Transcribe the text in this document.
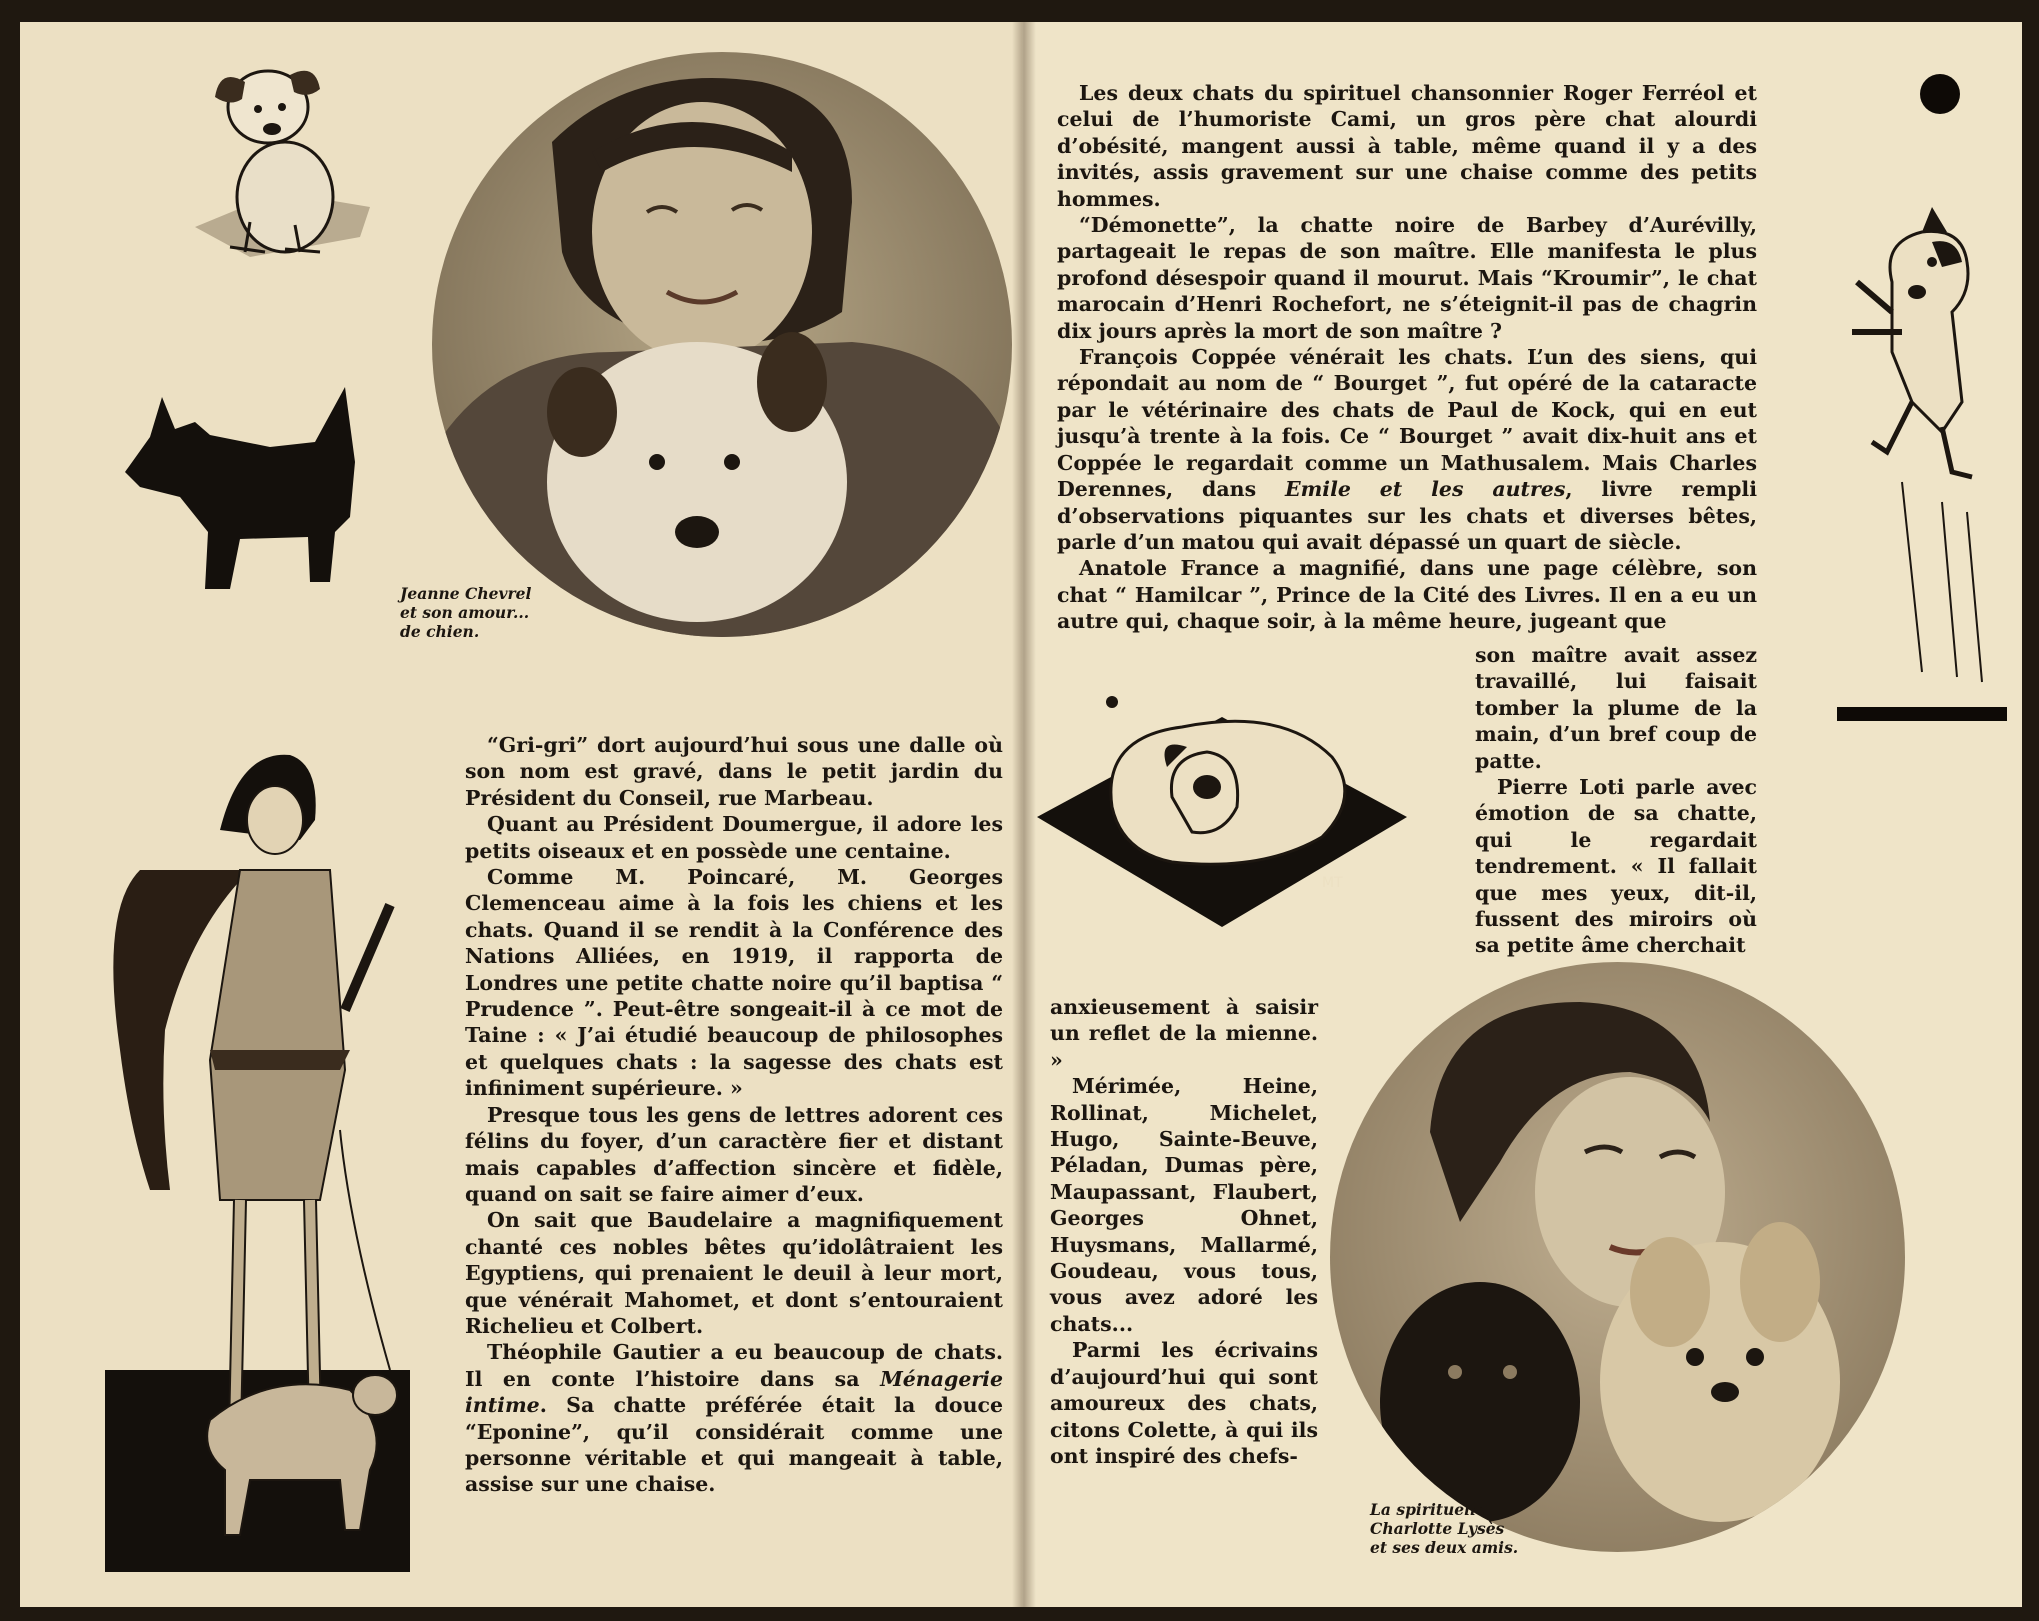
Jeanne Chevrel
et son amour...
de chien.

“Gri-gri” dort aujourd’hui sous une dalle où son nom est gravé, dans le petit jardin du Président du Conseil, rue Marbeau.

Quant au Président Doumergue, il adore les petits oiseaux et en possède une centaine.

Comme M. Poincaré, M. Georges Clemenceau aime à la fois les chiens et les chats. Quand il se rendit à la Conférence des Nations Alliées, en 1919, il rapporta de Londres une petite chatte noire qu’il baptisa “ Prudence ”. Peut-être songeait-il à ce mot de Taine : « J’ai étudié beaucoup de philosophes et quelques chats : la sagesse des chats est infiniment supérieure. »

Presque tous les gens de lettres adorent ces félins du foyer, d’un caractère fier et distant mais capables d’affection sincère et fidèle, quand on sait se faire aimer d’eux.

On sait que Baudelaire a magnifiquement chanté ces nobles bêtes qu’idolâtraient les Egyptiens, qui prenaient le deuil à leur mort, que vénérait Mahomet, et dont s’entouraient Richelieu et Colbert.

Théophile Gautier a eu beaucoup de chats. Il en conte l’histoire dans sa Ménagerie intime. Sa chatte préférée était la douce “Eponine”, qu’il considérait comme une personne véritable et qui mangeait à table, assise sur une chaise.

Les deux chats du spirituel chansonnier Roger Ferréol et celui de l’humoriste Cami, un gros père chat alourdi d’obésité, mangent aussi à table, même quand il y a des invités, assis gravement sur une chaise comme des petits hommes.

“Démonette”, la chatte noire de Barbey d’Aurévilly, partageait le repas de son maître. Elle manifesta le plus profond désespoir quand il mourut. Mais “Kroumir”, le chat marocain d’Henri Rochefort, ne s’éteignit-il pas de chagrin dix jours après la mort de son maître ?

François Coppée vénérait les chats. L’un des siens, qui répondait au nom de “ Bourget ”, fut opéré de la cataracte par le vétérinaire des chats de Paul de Kock, qui en eut jusqu’à trente à la fois. Ce “ Bourget ” avait dix-huit ans et Coppée le regardait comme un Mathusalem. Mais Charles Derennes, dans Emile et les autres, livre rempli d’observations piquantes sur les chats et diverses bêtes, parle d’un matou qui avait dépassé un quart de siècle.

Anatole France a magnifié, dans une page célèbre, son chat “ Hamilcar ”, Prince de la Cité des Livres. Il en a eu un autre qui, chaque soir, à la même heure, jugeant que

son maître avait assez travaillé, lui faisait tomber la plume de la main, d’un bref coup de patte.

Pierre Loti parle avec émotion de sa chatte, qui le regardait tendrement. « Il fallait que mes yeux, dit-il, fussent des miroirs où sa petite âme cherchait

MT

anxieusement à saisir un reflet de la mienne. »

Mérimée, Heine, Rollinat, Michelet, Hugo, Sainte-Beuve, Péladan, Dumas père, Maupassant, Flaubert, Georges Ohnet, Huysmans, Mallarmé, Goudeau, vous tous, vous avez adoré les chats...

Parmi les écrivains d’aujourd’hui qui sont amoureux des chats, citons Colette, à qui ils ont inspiré des chefs-

La spirituelle
Charlotte Lysès
et ses deux amis.
